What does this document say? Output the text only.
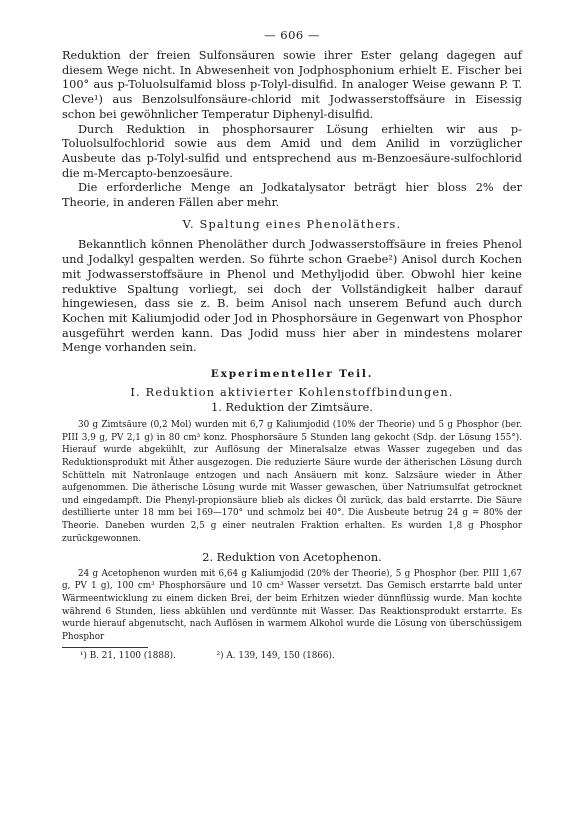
— 606 —

Reduktion der freien Sulfonsäuren sowie ihrer Ester gelang dagegen auf diesem Wege nicht. In Abwesenheit von Jodphosphonium erhielt E. Fischer bei 100° aus p-Toluolsulfamid bloss p-Tolyl-disulfid. In analoger Weise gewann P. T. Cleve¹) aus Benzolsulfonsäure-chlorid mit Jodwasserstoffsäure in Eisessig schon bei gewöhnlicher Temperatur Diphenyl-disulfid.

Durch Reduktion in phosphorsaurer Lösung erhielten wir aus p-Toluolsulfochlorid sowie aus dem Amid und dem Anilid in vorzüglicher Ausbeute das p-Tolyl-sulfid und entsprechend aus m-Benzoesäure-sulfochlorid die m-Mercapto-benzoesäure.

Die erforderliche Menge an Jodkatalysator beträgt hier bloss 2% der Theorie, in anderen Fällen aber mehr.

V. Spaltung eines Phenoläthers.

Bekanntlich können Phenoläther durch Jodwasserstoffsäure in freies Phenol und Jodalkyl gespalten werden. So führte schon Graebe²) Anisol durch Kochen mit Jodwasserstoffsäure in Phenol und Methyljodid über. Obwohl hier keine reduktive Spaltung vorliegt, sei doch der Vollständigkeit halber darauf hingewiesen, dass sie z. B. beim Anisol nach unserem Befund auch durch Kochen mit Kaliumjodid oder Jod in Phosphorsäure in Gegenwart von Phosphor ausgeführt werden kann. Das Jodid muss hier aber in mindestens molarer Menge vorhanden sein.

Experimenteller Teil.
I. Reduktion aktivierter Kohlenstoffbindungen.
1. Reduktion der Zimtsäure.

30 g Zimtsäure (0,2 Mol) wurden mit 6,7 g Kaliumjodid (10% der Theorie) und 5 g Phosphor (ber. PIII 3,9 g, PV 2,1 g) in 80 cm³ konz. Phosphorsäure 5 Stunden lang gekocht (Sdp. der Lösung 155°). Hierauf wurde abgekühlt, zur Auflösung der Mineralsalze etwas Wasser zugegeben und das Reduktionsprodukt mit Äther ausgezogen. Die reduzierte Säure wurde der ätherischen Lösung durch Schütteln mit Natronlauge entzogen und nach Ansäuern mit konz. Salzsäure wieder in Äther aufgenommen. Die ätherische Lösung wurde mit Wasser gewaschen, über Natriumsulfat getrocknet und eingedampft. Die Phenyl-propionsäure blieb als dickes Öl zurück, das bald erstarrte. Die Säure destillierte unter 18 mm bei 169—170° und schmolz bei 40°. Die Ausbeute betrug 24 g = 80% der Theorie. Daneben wurden 2,5 g einer neutralen Fraktion erhalten. Es wurden 1,8 g Phosphor zurückgewonnen.

2. Reduktion von Acetophenon.

24 g Acetophenon wurden mit 6,64 g Kaliumjodid (20% der Theorie), 5 g Phosphor (ber. PIII 1,67 g, PV 1 g), 100 cm³ Phosphorsäure und 10 cm³ Wasser versetzt. Das Gemisch erstarrte bald unter Wärmeentwicklung zu einem dicken Brei, der beim Erhitzen wieder dünnflüssig wurde. Man kochte während 6 Stunden, liess abkühlen und verdünnte mit Wasser. Das Reaktionsprodukt erstarrte. Es wurde hierauf abgenutscht, nach Auflösen in warmem Alkohol wurde die Lösung von überschüssigem Phosphor

¹) B. 21, 1100 (1888).	²) A. 139, 149, 150 (1866).
